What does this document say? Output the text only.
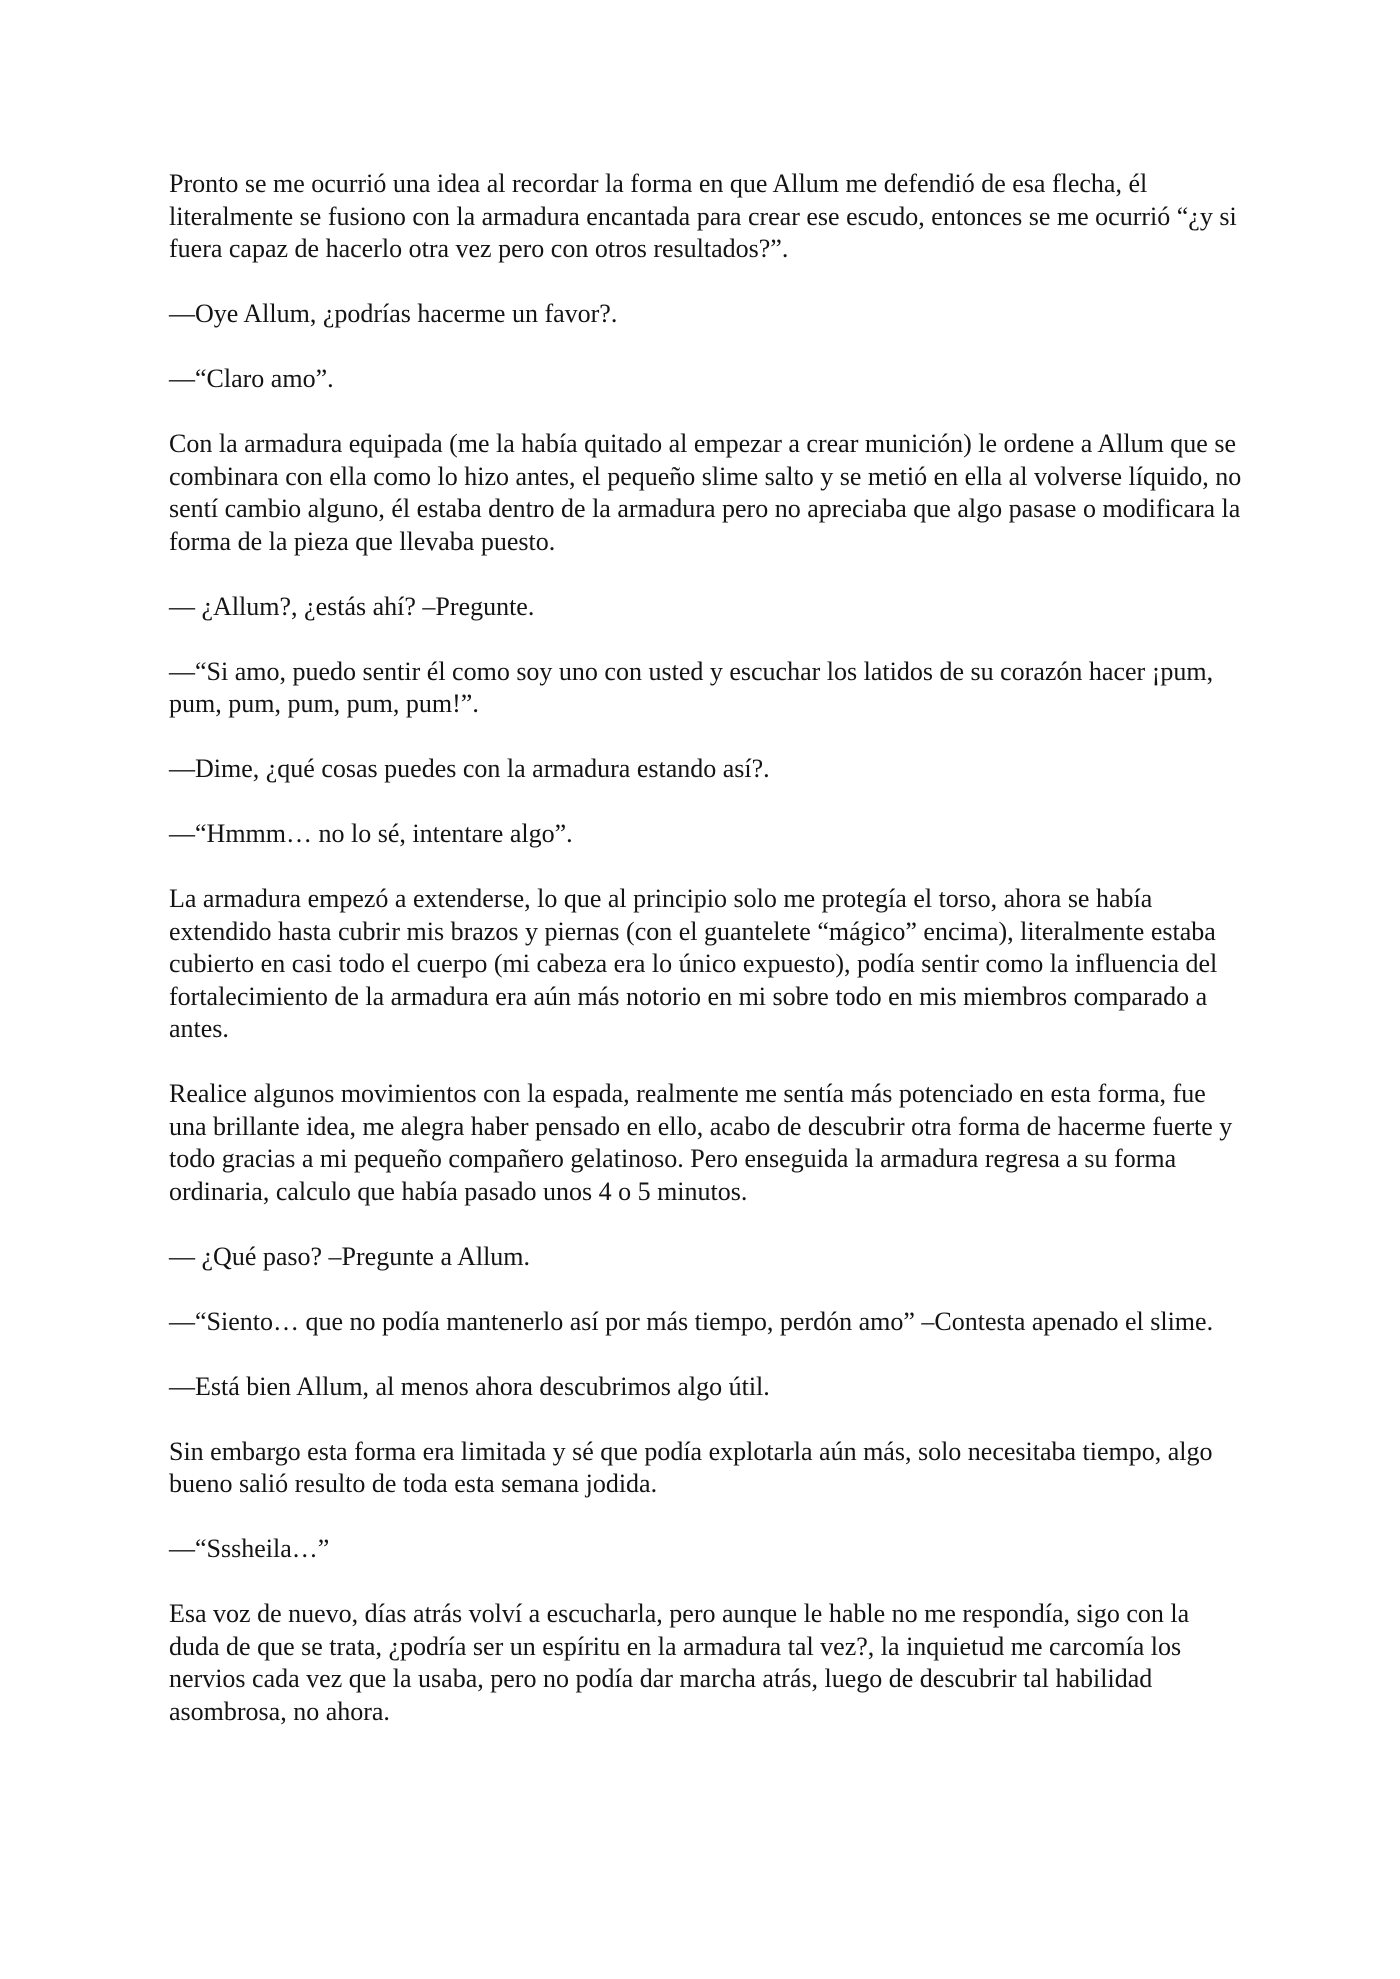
Pronto se me ocurrió una idea al recordar la forma en que Allum me defendió de esa flecha, él literalmente se fusiono con la armadura encantada para crear ese escudo, entonces se me ocurrió “¿y si fuera capaz de hacerlo otra vez pero con otros resultados?”.

—Oye Allum, ¿podrías hacerme un favor?.

—“Claro amo”.

Con la armadura equipada (me la había quitado al empezar a crear munición) le ordene a Allum que se combinara con ella como lo hizo antes, el pequeño slime salto y se metió en ella al volverse líquido, no sentí cambio alguno, él estaba dentro de la armadura pero no apreciaba que algo pasase o modificara la forma de la pieza que llevaba puesto.

— ¿Allum?, ¿estás ahí? –Pregunte.

—“Si amo, puedo sentir él como soy uno con usted y escuchar los latidos de su corazón hacer ¡pum, pum, pum, pum, pum, pum!”.

—Dime, ¿qué cosas puedes con la armadura estando así?.

—“Hmmm… no lo sé, intentare algo”.

La armadura empezó a extenderse, lo que al principio solo me protegía el torso, ahora se había extendido hasta cubrir mis brazos y piernas (con el guantelete “mágico” encima), literalmente estaba cubierto en casi todo el cuerpo (mi cabeza era lo único expuesto), podía sentir como la influencia del fortalecimiento de la armadura era aún más notorio en mi sobre todo en mis miembros comparado a antes.

Realice algunos movimientos con la espada, realmente me sentía más potenciado en esta forma, fue una brillante idea, me alegra haber pensado en ello, acabo de descubrir otra forma de hacerme fuerte y todo gracias a mi pequeño compañero gelatinoso. Pero enseguida la armadura regresa a su forma ordinaria, calculo que había pasado unos 4 o 5 minutos.

— ¿Qué paso? –Pregunte a Allum.

—“Siento… que no podía mantenerlo así por más tiempo, perdón amo” –Contesta apenado el slime.

—Está bien Allum, al menos ahora descubrimos algo útil.

Sin embargo esta forma era limitada y sé que podía explotarla aún más, solo necesitaba tiempo, algo bueno salió resulto de toda esta semana jodida.

—“Sssheila…”

Esa voz de nuevo, días atrás volví a escucharla, pero aunque le hable no me respondía, sigo con la duda de que se trata, ¿podría ser un espíritu en la armadura tal vez?, la inquietud me carcomía los nervios cada vez que la usaba, pero no podía dar marcha atrás, luego de descubrir tal habilidad asombrosa, no ahora.
